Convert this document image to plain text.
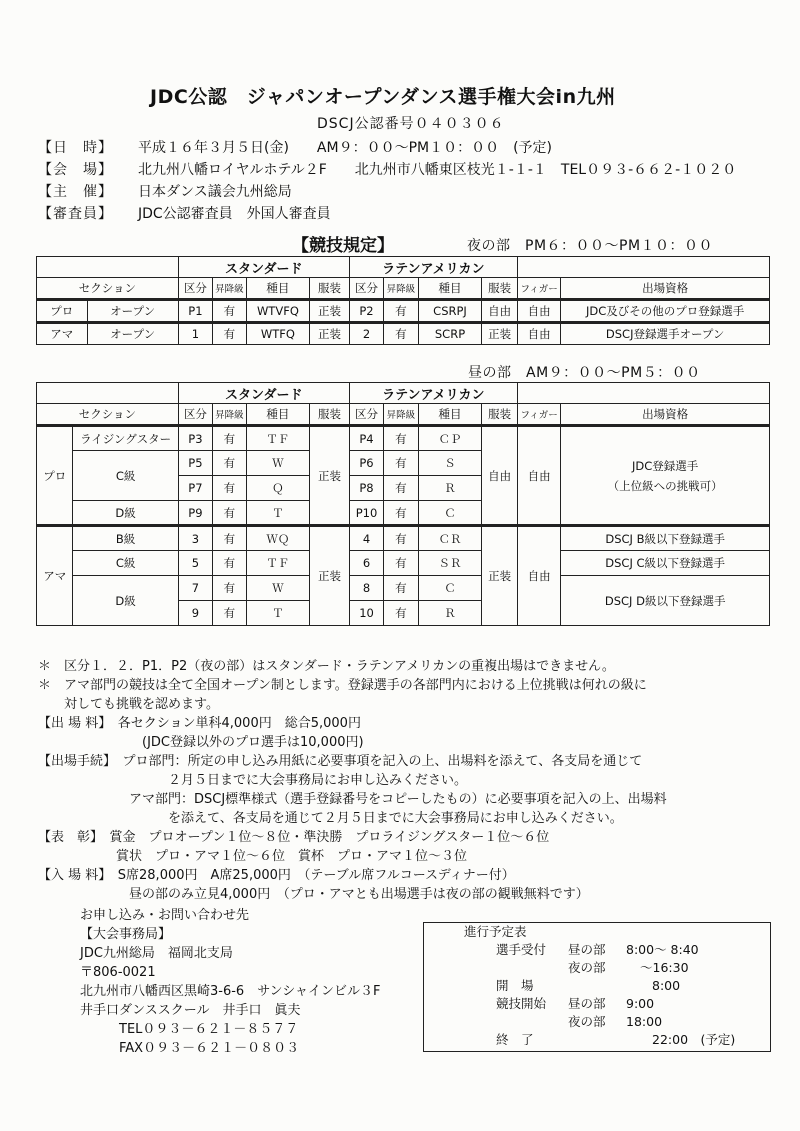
JDC公認　ジャパンオープンダンス選手権大会in九州
DSCJ公認番号０４０３０６
【日　時】 平成１６年３月５日(金)　　AM９：００～PM１０：００　(予定)
【会　場】 北九州八幡ロイヤルホテル２F　　北九州市八幡東区枝光１-１-１　TEL０９３-６６２-１０２０
【主　催】 日本ダンス議会九州総局
【審査員】 JDC公認審査員　外国人審査員
【競技規定】	夜の部　PM６：００～PM１０：００
		スタンダード				ラテンアメリカン					
セクション		区分	昇降級	種目	服装	区分	昇降級	種目	服装	フィガー	出場資格
プロ	オープン	P1	有	WTVFQ	正装	P2	有	CSRPJ	自由	自由	JDC及びその他のプロ登録選手
アマ	オープン	1	有	WTFQ	正装	2	有	SCRP	正装	自由	DSCJ登録選手オープン
昼の部　AM９：００～PM５：００
		スタンダード				ラテンアメリカン					
セクション		区分	昇降級	種目	服装	区分	昇降級	種目	服装	フィガー	出場資格
プロ	ライジングスター	P3	有	ＴＦ	正装	P4	有	ＣＰ	自由	自由	JDC登録選手
（上位級への挑戦可）

	C級	P5	有	Ｗ		P6	有	Ｓ			
		P7	有	Ｑ		P8	有	Ｒ			
	D級	P9	有	Ｔ		P10	有	Ｃ			
アマ	B級	3	有	ＷＱ	正装	4	有	ＣＲ	正装	自由	DSCJ B級以下登録選手
	C級	5	有	ＴＦ		6	有	ＳＲ			DSCJ C級以下登録選手
	D級	7	有	Ｗ		8	有	Ｃ			DSCJ D級以下登録選手
		9	有	Ｔ		10	有	Ｒ			
＊　区分１．２．P1．P2（夜の部）はスタンダード・ラテンアメリカンの重複出場はできません。
＊　アマ部門の競技は全て全国オープン制とします。登録選手の各部門内における上位挑戦は何れの級に
　　対しても挑戦を認めます。
【出 場 料】　各セクション単科4,000円　総合5,000円
　　　　　　　　(JDC登録以外のプロ選手は10,000円)
【出場手続】　プロ部門：所定の申し込み用紙に必要事項を記入の上、出場料を添えて、各支局を通じて
　　　　　　　　　　２月５日までに大会事務局にお申し込みください。
　　　　　　　アマ部門：DSCJ標準様式（選手登録番号をコピーしたもの）に必要事項を記入の上、出場料
　　　　　　　　　　を添えて、各支局を通じて２月５日までに大会事務局にお申し込みください。
【表　彰】　賞金　プロオープン１位～８位・準決勝　プロライジングスター１位～６位
　　　　　　賞状　プロ・アマ１位～６位　賞杯　プロ・アマ１位～３位
【入 場 料】　S席28,000円　A席25,000円　（テーブル席フルコースディナー付）
　　　　　　　昼の部のみ立見4,000円　（プロ・アマとも出場選手は夜の部の観戦無料です）
お申し込み・お問い合わせ先
【大会事務局】
JDC九州総局　福岡北支局
〒806-0021
北九州市八幡西区黒崎3-6-6　サンシャインビル３F
井手口ダンススクール　井手口　眞夫
　　　TEL０９３－６２１－８５７７
　　　FAX０９３－６２１－０８０３
進行予定表
選手受付 昼の部 8:00～ 8:40
夜の部	～16:30
開　場	8:00
競技開始 昼の部 9:00
夜の部 18:00
終　了	22:00　(予定)
